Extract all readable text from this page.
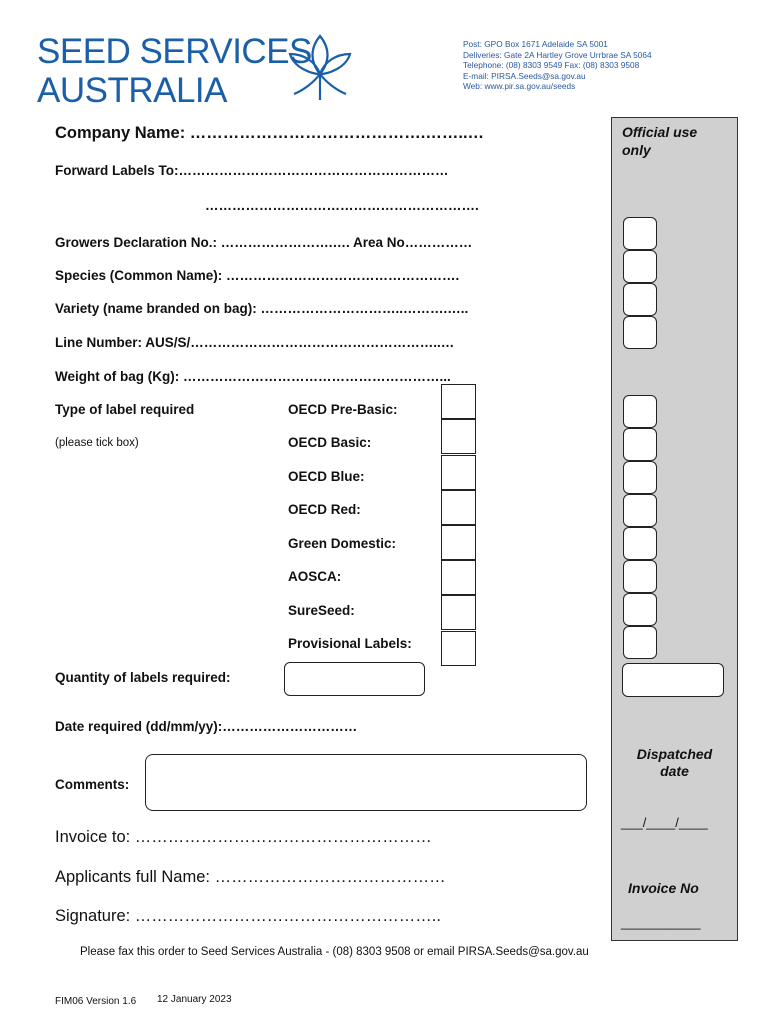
SEED SERVICES
AUSTRALIA
Post: GPO Box 1671 Adelaide SA 5001
Deliveries: Gate 2A Hartley Grove Urrbrae SA 5064
Telephone: (08) 8303 9549 Fax: (08) 8303 9508
E-mail: PIRSA.Seeds@sa.gov.au
Web: www.pir.sa.gov.au/seeds
Company Name: …………………………………….……..…
Forward Labels To:……………………………………………………
…………………………………………………….
Growers Declaration No.: …………………….…. Area No……………
Species (Common Name): …………………………………………….
Variety (name branded on bag): …………………………..……….…..
Line Number: AUS/S/………………………………………………..…
Weight of bag (Kg): …………………………………………………...
Type of label required
(please tick box)
OECD Pre-Basic:
OECD Basic:
OECD Blue:
OECD Red:
Green Domestic:
AOSCA:
SureSeed:
Provisional Labels:
Quantity of labels required:
Date required (dd/mm/yy):…………………………
Comments:
Invoice to: ………………………………………………
Applicants full Name: ……………………………………
Signature: ………………………………………………..
Official use
only
Dispatched
date
___/____/____
Invoice No
___________
Please fax this order to Seed Services Australia - (08) 8303 9508 or email PIRSA.Seeds@sa.gov.au
FIM06 Version 1.6 12 January 2023
